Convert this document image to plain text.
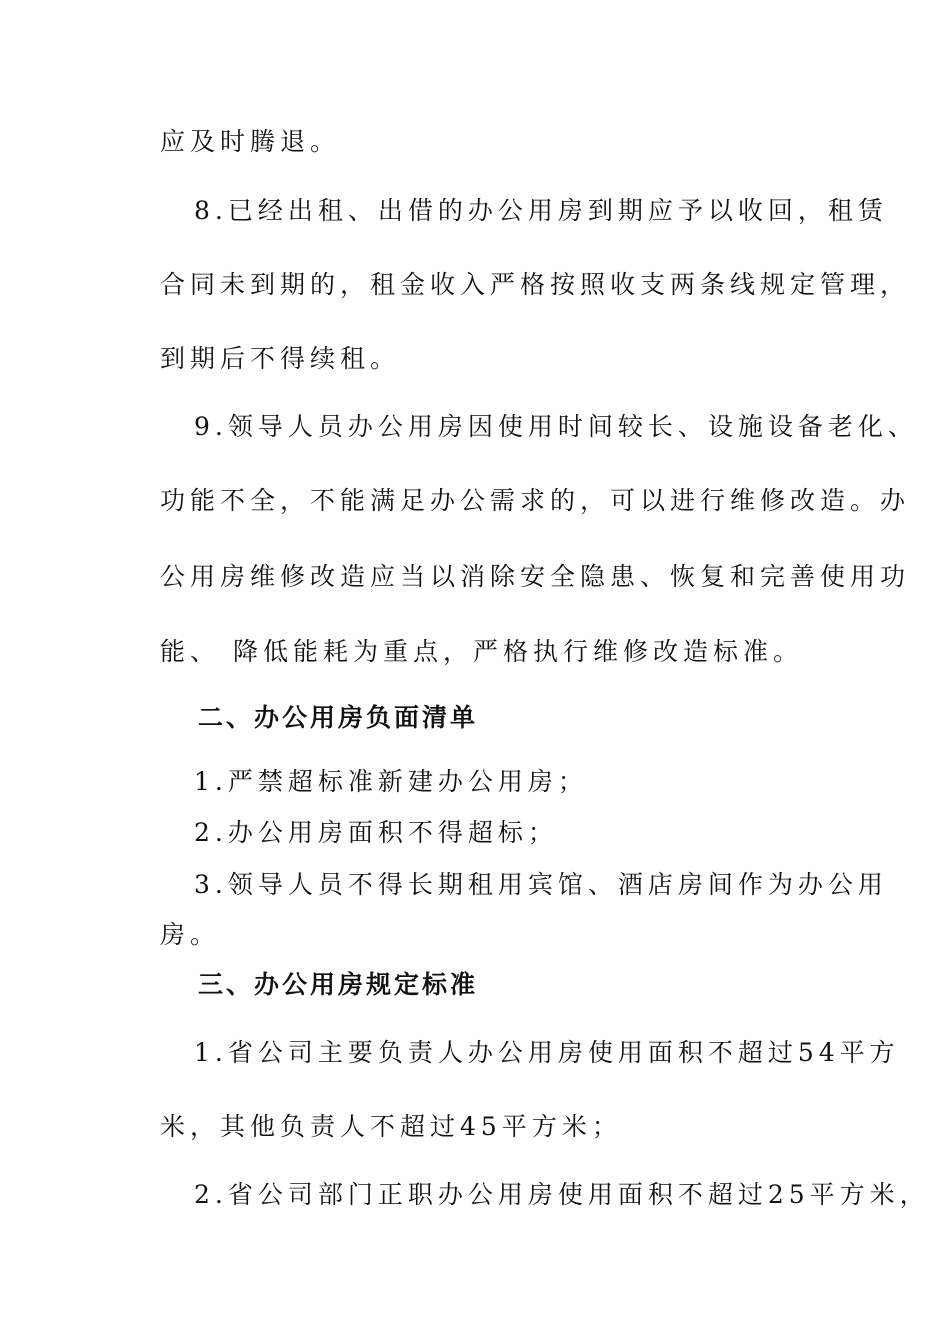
应及时腾退。
8.已经出租、出借的办公用房到期应予以收回，租赁
合同未到期的，租金收入严格按照收支两条线规定管理，
到期后不得续租。
9.领导人员办公用房因使用时间较长、设施设备老化、
功能不全，不能满足办公需求的，可以进行维修改造。办
公用房维修改造应当以消除安全隐患、恢复和完善使用功
能、 降低能耗为重点，严格执行维修改造标准。
二、办公用房负面清单
1.严禁超标准新建办公用房；
2.办公用房面积不得超标；
3.领导人员不得长期租用宾馆、酒店房间作为办公用
房。
三、办公用房规定标准
1.省公司主要负责人办公用房使用面积不超过54平方
米，其他负责人不超过45平方米；
2.省公司部门正职办公用房使用面积不超过25平方米，
